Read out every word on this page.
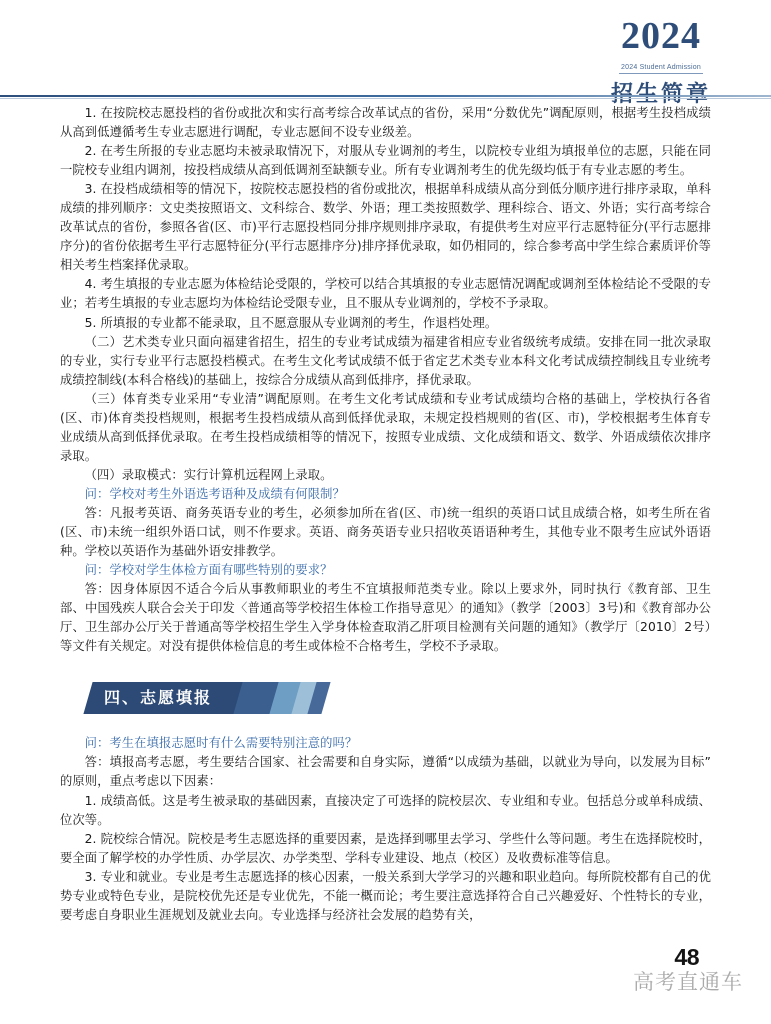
2024
2024 Student Admission

1. 在按院校志愿投档的省份或批次和实行高考综合改革试点的省份，采用“分数优先”调配原则，根据考生投档成绩从高到低遵循考生专业志愿进行调配，专业志愿间不设专业级差。

2. 在考生所报的专业志愿均未被录取情况下，对服从专业调剂的考生，以院校专业组为填报单位的志愿，只能在同一院校专业组内调剂，按投档成绩从高到低调剂至缺额专业。所有专业调剂考生的优先级均低于有专业志愿的考生。

3. 在投档成绩相等的情况下，按院校志愿投档的省份或批次，根据单科成绩从高分到低分顺序进行排序录取，单科成绩的排列顺序：文史类按照语文、文科综合、数学、外语；理工类按照数学、理科综合、语文、外语；实行高考综合改革试点的省份，参照各省(区、市)平行志愿投档同分排序规则排序录取，有提供考生对应平行志愿特征分(平行志愿排序分)的省份依据考生平行志愿特征分(平行志愿排序分)排序择优录取，如仍相同的，综合参考高中学生综合素质评价等相关考生档案择优录取。

4. 考生填报的专业志愿为体检结论受限的，学校可以结合其填报的专业志愿情况调配或调剂至体检结论不受限的专业；若考生填报的专业志愿均为体检结论受限专业，且不服从专业调剂的，学校不予录取。

5. 所填报的专业都不能录取，且不愿意服从专业调剂的考生，作退档处理。

（二）艺术类专业只面向福建省招生，招生的专业考试成绩为福建省相应专业省级统考成绩。安排在同一批次录取的专业，实行专业平行志愿投档模式。在考生文化考试成绩不低于省定艺术类专业本科文化考试成绩控制线且专业统考成绩控制线(本科合格线)的基础上，按综合分成绩从高到低排序，择优录取。

（三）体育类专业采用“专业清”调配原则。在考生文化考试成绩和专业考试成绩均合格的基础上，学校执行各省(区、市)体育类投档规则，根据考生投档成绩从高到低择优录取，未规定投档规则的省(区、市)，学校根据考生体育专业成绩从高到低择优录取。在考生投档成绩相等的情况下，按照专业成绩、文化成绩和语文、数学、外语成绩依次排序录取。

（四）录取模式：实行计算机远程网上录取。

问：学校对考生外语选考语种及成绩有何限制？

答：凡报考英语、商务英语专业的考生，必须参加所在省(区、市)统一组织的英语口试且成绩合格，如考生所在省(区、市)未统一组织外语口试，则不作要求。英语、商务英语专业只招收英语语种考生，其他专业不限考生应试外语语种。学校以英语作为基础外语安排教学。

问：学校对学生体检方面有哪些特别的要求？

答：因身体原因不适合今后从事教师职业的考生不宜填报师范类专业。除以上要求外，同时执行《教育部、卫生部、中国残疾人联合会关于印发〈普通高等学校招生体检工作指导意见〉的通知》（教学〔2003〕3号)和《教育部办公厅、卫生部办公厅关于普通高等学校招生学生入学身体检查取消乙肝项目检测有关问题的通知》（教学厅〔2010〕2号）等文件有关规定。对没有提供体检信息的考生或体检不合格考生，学校不予录取。

四、志愿填报

问：考生在填报志愿时有什么需要特别注意的吗？

答：填报高考志愿，考生要结合国家、社会需要和自身实际，遵循“以成绩为基础，以就业为导向，以发展为目标”的原则，重点考虑以下因素：

1. 成绩高低。这是考生被录取的基础因素，直接决定了可选择的院校层次、专业组和专业。包括总分或单科成绩、位次等。

2. 院校综合情况。院校是考生志愿选择的重要因素，是选择到哪里去学习、学些什么等问题。考生在选择院校时，要全面了解学校的办学性质、办学层次、办学类型、学科专业建设、地点（校区）及收费标准等信息。

3. 专业和就业。专业是考生志愿选择的核心因素，一般关系到大学学习的兴趣和职业趋向。每所院校都有自己的优势专业或特色专业，是院校优先还是专业优先，不能一概而论；考生要注意选择符合自己兴趣爱好、个性特长的专业，要考虑自身职业生涯规划及就业去向。专业选择与经济社会发展的趋势有关，

48
高考直通车
